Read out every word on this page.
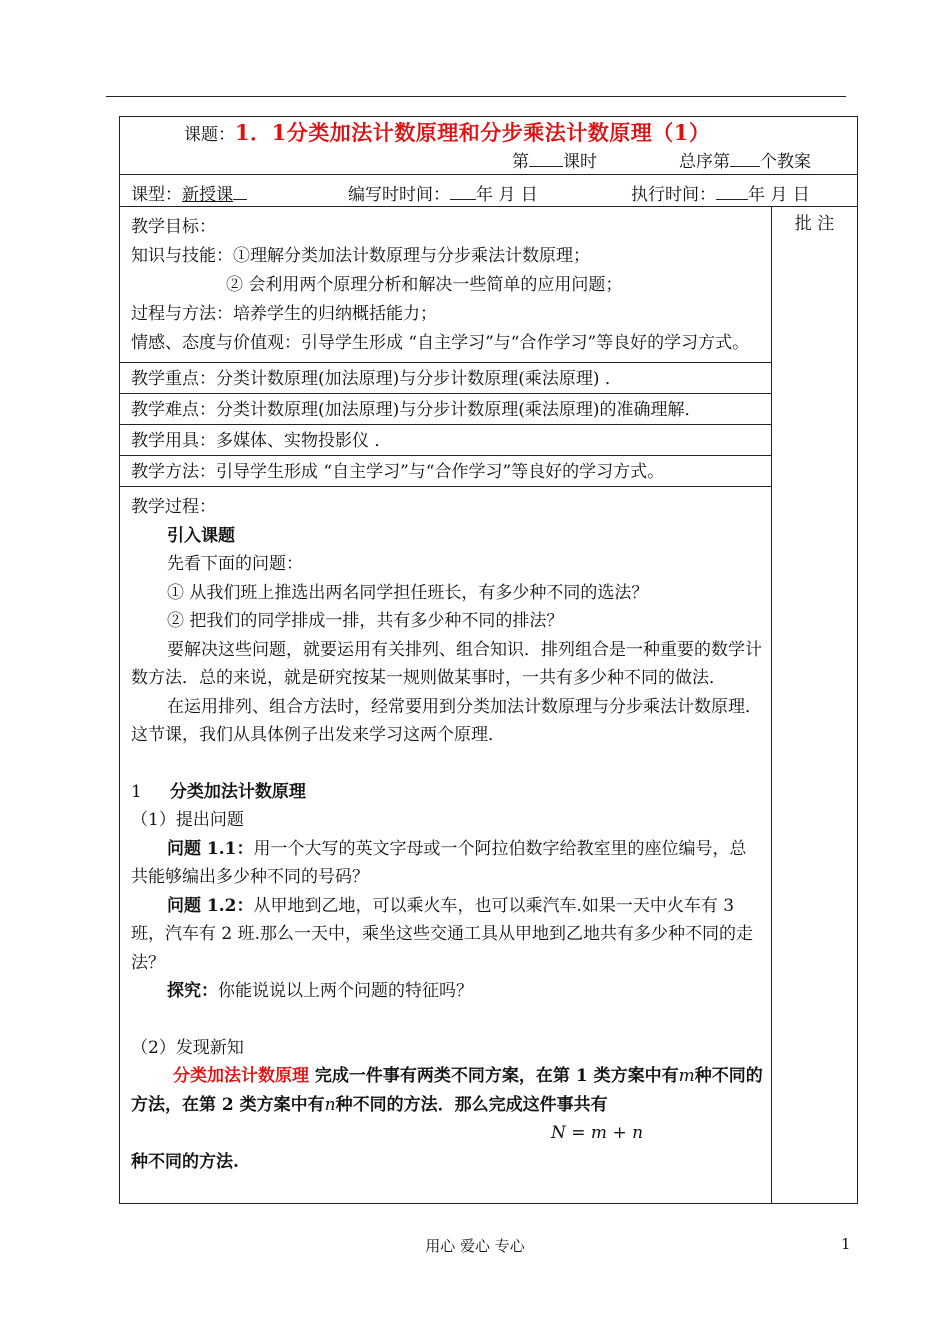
课题：1．1分类加法计数原理和分步乘法计数原理（1）
第 课时	总序第 个教案

课型：新授课	编写时时间： 年 月 日	执行时间： 年 月 日

教学目标：

知识与技能：①理解分类加法计数原理与分步乘法计数原理；

② 会利用两个原理分析和解决一些简单的应用问题；

过程与方法：培养学生的归纳概括能力；

情感、态度与价值观：引导学生形成 “自主学习”与“合作学习”等良好的学习方式。

批 注

教学重点：分类计数原理(加法原理)与分步计数原理(乘法原理) ．
教学难点：分类计数原理(加法原理)与分步计数原理(乘法原理)的准确理解．
教学用具：多媒体、实物投影仪 ．
教学方法：引导学生形成 “自主学习”与“合作学习”等良好的学习方式。

教学过程：

引入课题

先看下面的问题：

① 从我们班上推选出两名同学担任班长，有多少种不同的选法？

② 把我们的同学排成一排，共有多少种不同的排法？

要解决这些问题，就要运用有关排列、组合知识．排列组合是一种重要的数学计数方法．总的来说，就是研究按某一规则做某事时，一共有多少种不同的做法．

在运用排列、组合方法时，经常要用到分类加法计数原理与分步乘法计数原理．这节课，我们从具体例子出发来学习这两个原理．

1 分类加法计数原理

（1）提出问题

问题 1.1：用一个大写的英文字母或一个阿拉伯数字给教室里的座位编号，总共能够编出多少种不同的号码？

问题 1.2：从甲地到乙地，可以乘火车，也可以乘汽车.如果一天中火车有 3 班，汽车有 2 班.那么一天中，乘坐这些交通工具从甲地到乙地共有多少种不同的走法？

探究：你能说说以上两个问题的特征吗？

（2）发现新知

分类加法计数原理 完成一件事有两类不同方案，在第 1 类方案中有m种不同的方法，在第 2 类方案中有n种不同的方法．那么完成这件事共有

N = m + n

种不同的方法.

用心 爱心 专心	1
